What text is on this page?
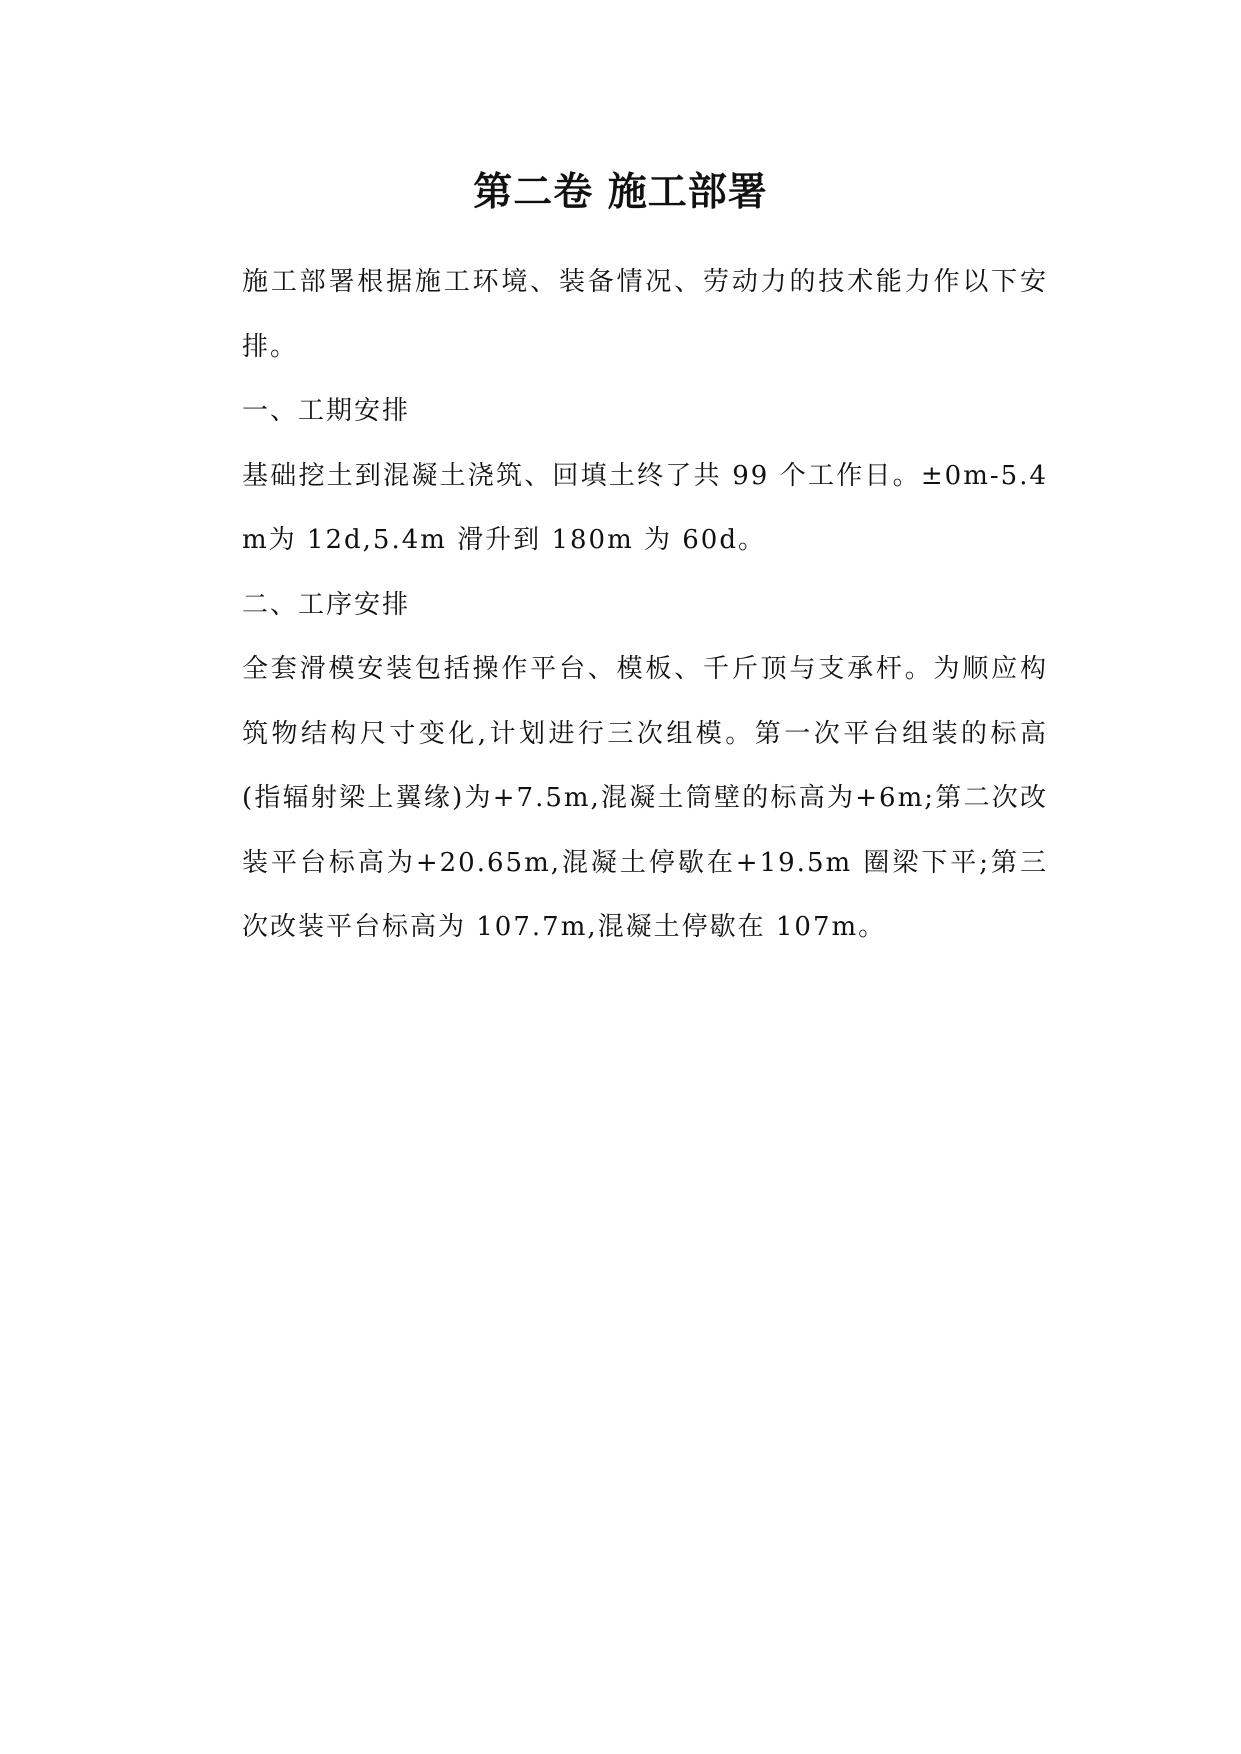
第二卷 施工部署

施工部署根据施工环境、装备情况、劳动力的技术能力作以下安排。

一、工期安排

基础挖土到混凝土浇筑、回填土终了共 99 个工作日。±0m-5.4m为 12d,5.4m 滑升到 180m 为 60d。

二、工序安排

全套滑模安装包括操作平台、模板、千斤顶与支承杆。为顺应构筑物结构尺寸变化,计划进行三次组模。第一次平台组装的标高(指辐射梁上翼缘)为+7.5m,混凝土筒壁的标高为+6m;第二次改装平台标高为+20.65m,混凝土停歇在+19.5m 圈梁下平;第三次改装平台标高为 107.7m,混凝土停歇在 107m。
